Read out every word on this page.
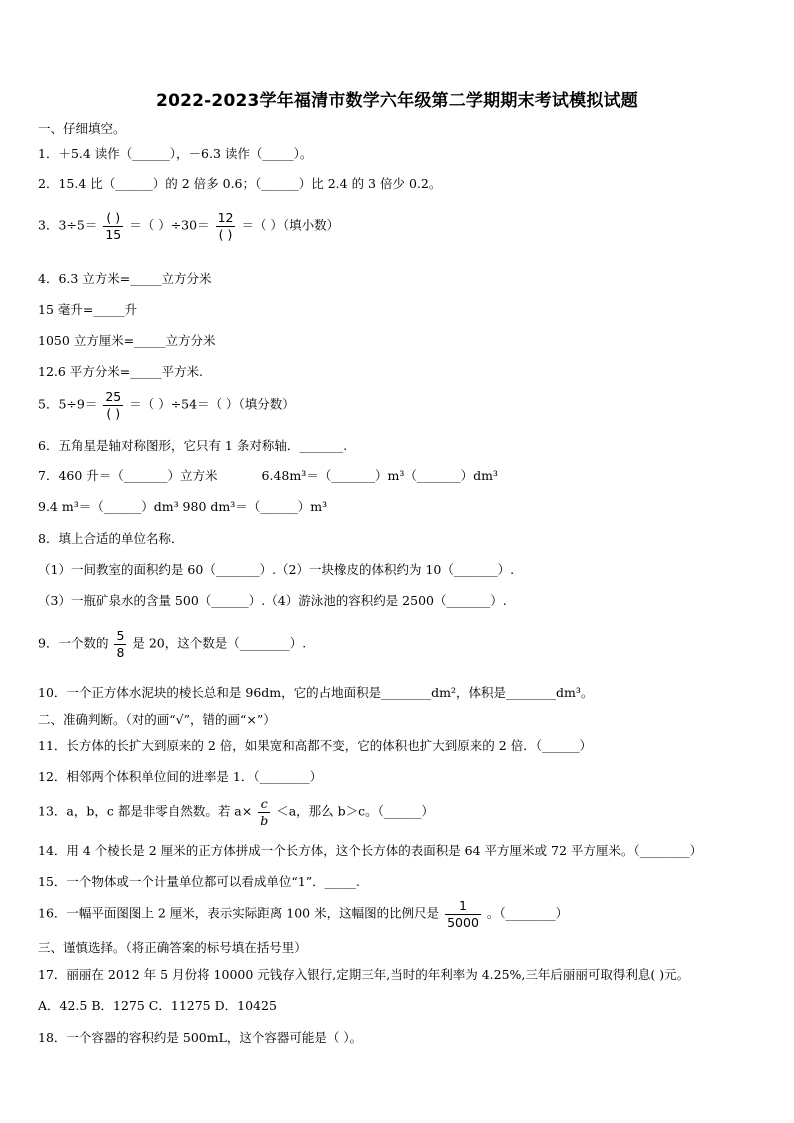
2022-2023学年福清市数学六年级第二学期期末考试模拟试题
一、仔细填空。
1．＋5.4 读作（______），－6.3 读作（_____）。
2．15.4 比（______）的 2 倍多 0.6；（______）比 2.4 的 3 倍少 0.2。
3．$3\div 5= \frac{( )}{15}$ ＝（ ）$\div 30= \frac{12}{( )}$ ＝（ ）（填小数）
4．6.3 立方米=_____立方分米
15 毫升=_____升
1050 立方厘米=_____立方分米
12.6 平方分米=_____平方米.
5．$5\div 9= \frac{25}{( )}$ ＝（ ）÷54＝（ ）（填分数）
6．五角星是轴对称图形，它只有 1 条对称轴．_______.
7．460 升＝（_______）立方米	6.48m³＝（_______）m³（_______）dm³
9.4 m³＝（______）dm³ 980 dm³＝（______）m³
8．填上合适的单位名称．
（1）一间教室的面积约是 60（_______）.（2）一块橡皮的体积约为 10（_______）.
（3）一瓶矿泉水的含量 500（______）.（4）游泳池的容积约是 2500（_______）.
9．一个数的 $\frac{5}{8}$ 是 20，这个数是（________）.
10．一个正方体水泥块的棱长总和是 96dm，它的占地面积是________dm²，体积是________dm³。
二、准确判断。（对的画“√”，错的画“×”）
11．长方体的长扩大到原来的 2 倍，如果宽和高都不变，它的体积也扩大到原来的 2 倍．（______）
12．相邻两个体积单位间的进率是 1．（________）
13．a，b，c 都是非零自然数。若 $a\times \frac{c}{b} <a$，那么 b＞c。（______）
14．用 4 个棱长是 2 厘米的正方体拼成一个长方体，这个长方体的表面积是 64 平方厘米或 72 平方厘米。（________）
15．一个物体或一个计量单位都可以看成单位“1”．_____.
16．一幅平面图图上 2 厘米，表示实际距离 100 米，这幅图的比例尺是 $\frac{1}{5000}$ 。（________）
三、谨慎选择。（将正确答案的标号填在括号里）
17．丽丽在 2012 年 5 月份将 10000 元钱存入银行,定期三年,当时的年利率为 4.25%,三年后丽丽可取得利息( )元。
A．42.5 B．1275 C．11275 D．10425
18．一个容器的容积约是 500mL，这个容器可能是（ ）。
